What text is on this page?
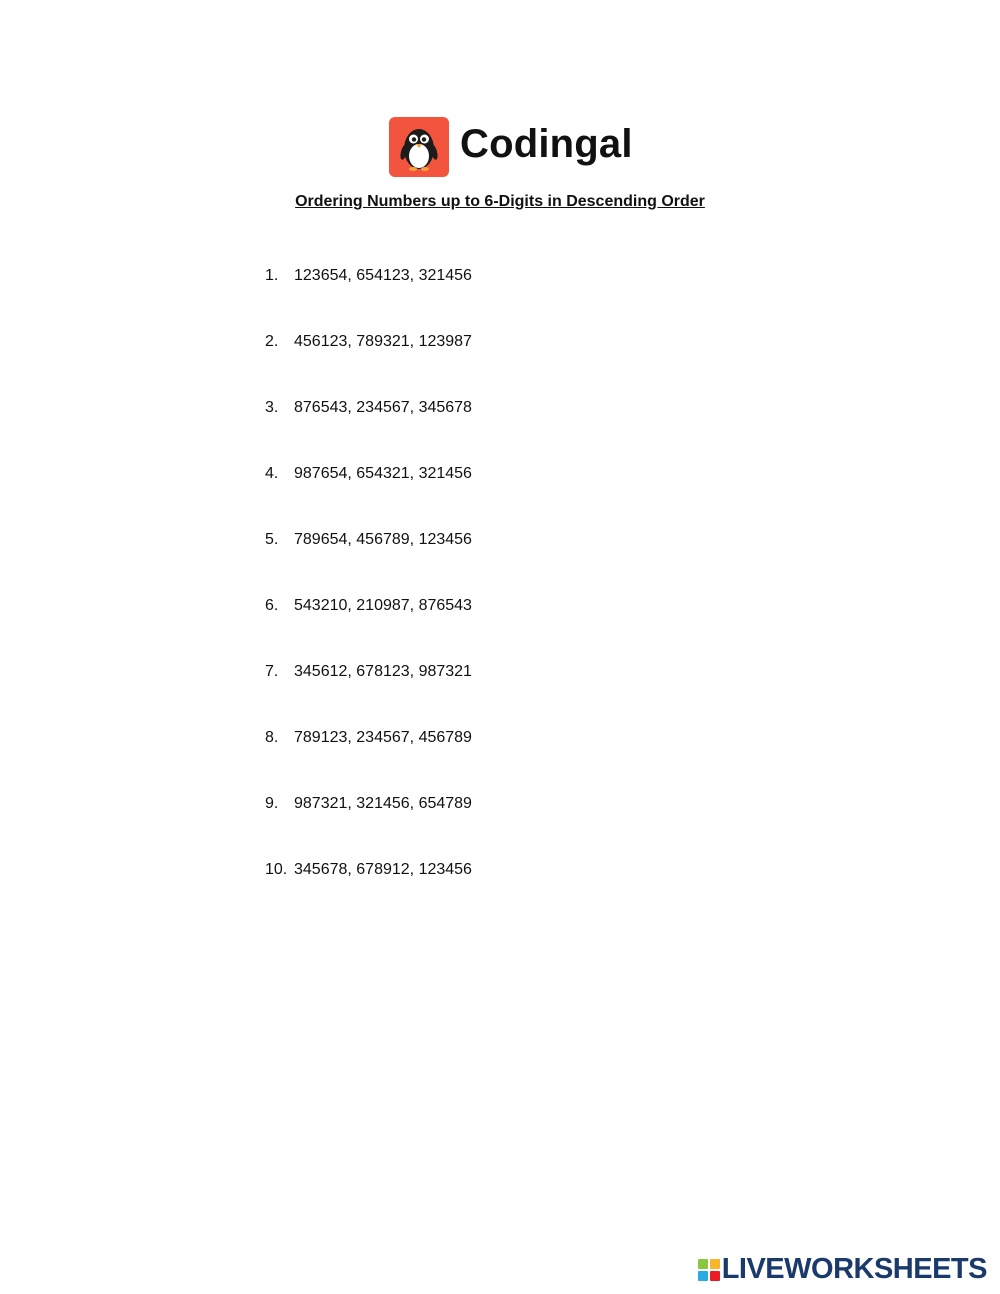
Codingal
Ordering Numbers up to 6-Digits in Descending Order
1. 123654, 654123, 321456
2. 456123, 789321, 123987
3. 876543, 234567, 345678
4. 987654, 654321, 321456
5. 789654, 456789, 123456
6. 543210, 210987, 876543
7. 345612, 678123, 987321
8. 789123, 234567, 456789
9. 987321, 321456, 654789
10. 345678, 678912, 123456
LIVEWORKSHEETS
